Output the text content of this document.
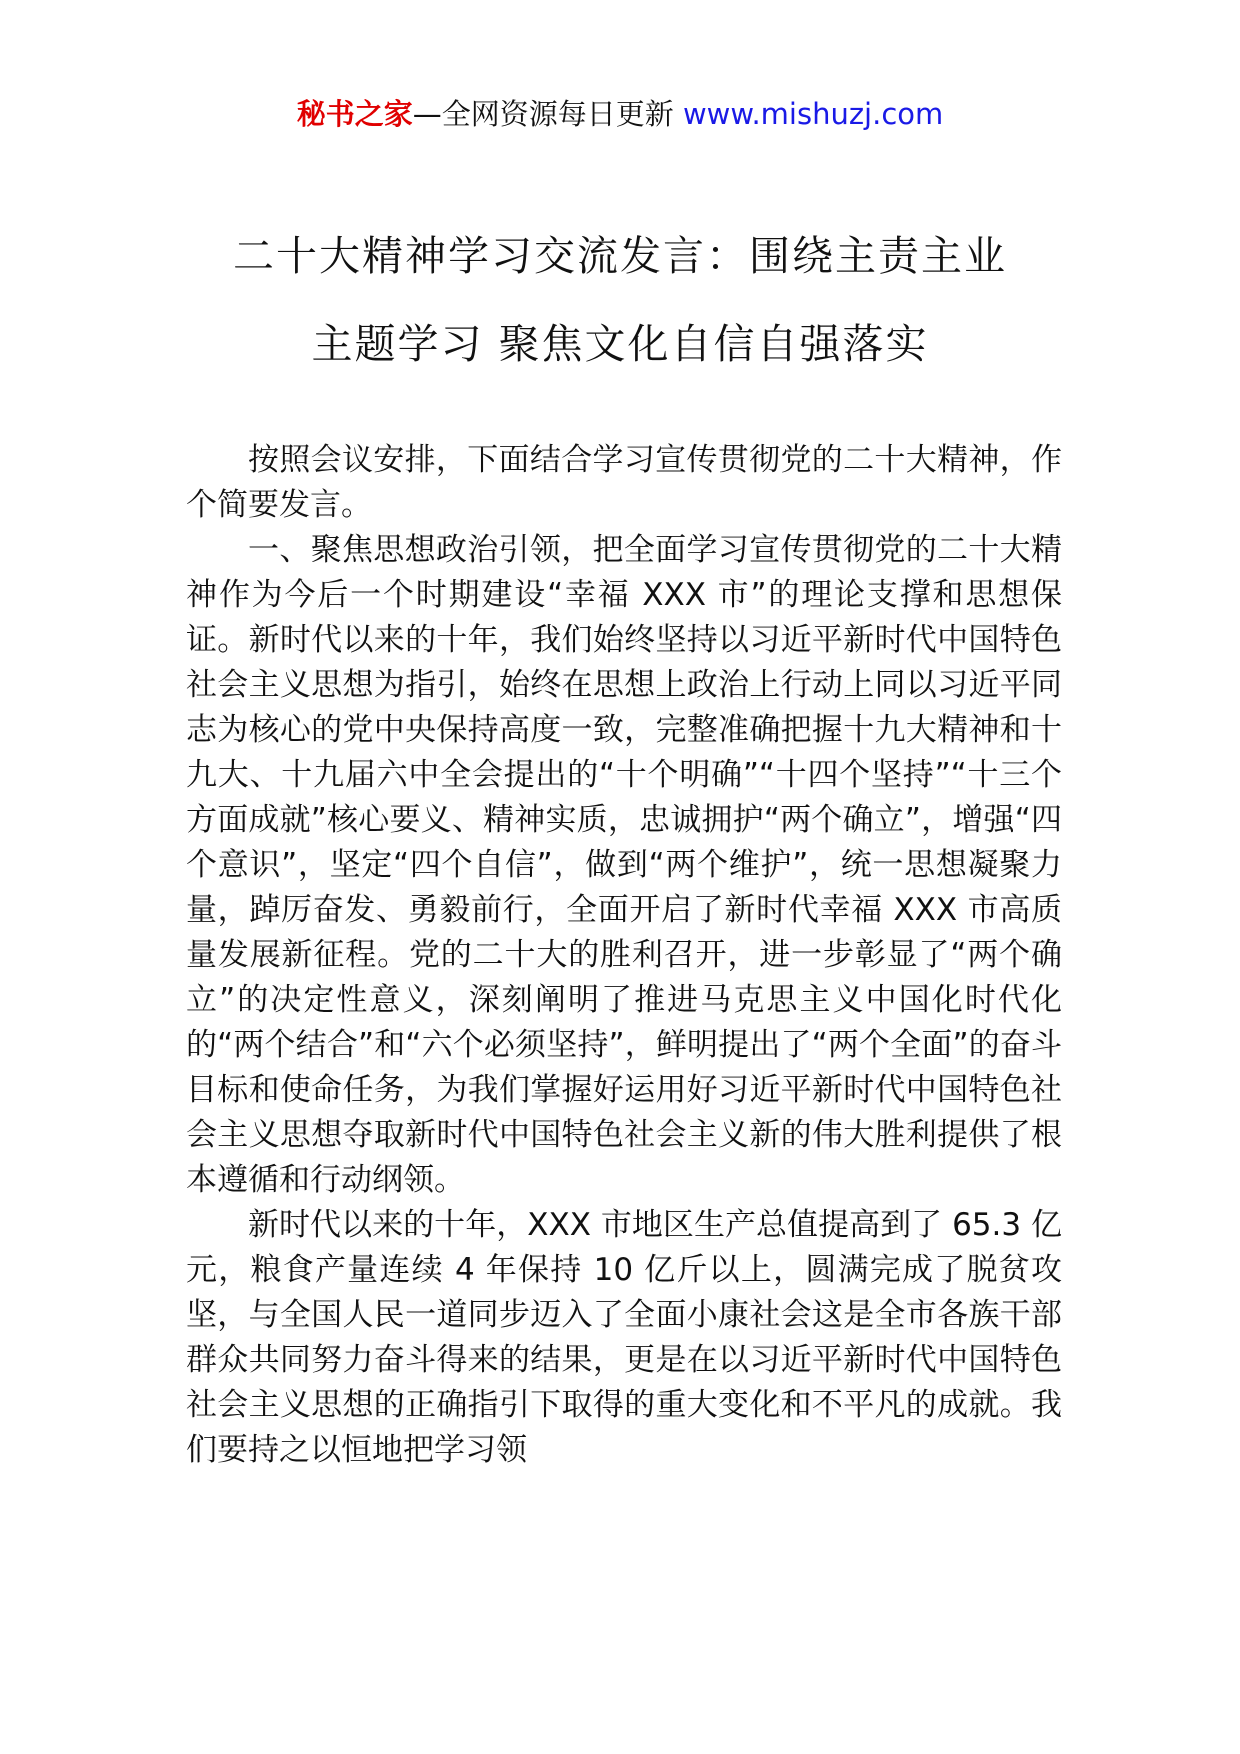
秘书之家—全网资源每日更新 www.mishuzj.com
二十大精神学习交流发言：围绕主责主业
主题学习 聚焦文化自信自强落实

按照会议安排，下面结合学习宣传贯彻党的二十大精神，作个简要发言。

一、聚焦思想政治引领，把全面学习宣传贯彻党的二十大精神作为今后一个时期建设“幸福 XXX 市”的理论支撑和思想保证。新时代以来的十年，我们始终坚持以习近平新时代中国特色社会主义思想为指引，始终在思想上政治上行动上同以习近平同志为核心的党中央保持高度一致，完整准确把握十九大精神和十九大、十九届六中全会提出的“十个明确”“十四个坚持”“十三个方面成就”核心要义、精神实质，忠诚拥护“两个确立”，增强“四个意识”，坚定“四个自信”，做到“两个维护”，统一思想凝聚力量，踔厉奋发、勇毅前行，全面开启了新时代幸福 XXX 市高质量发展新征程。党的二十大的胜利召开，进一步彰显了“两个确立”的决定性意义，深刻阐明了推进马克思主义中国化时代化的“两个结合”和“六个必须坚持”，鲜明提出了“两个全面”的奋斗目标和使命任务，为我们掌握好运用好习近平新时代中国特色社会主义思想夺取新时代中国特色社会主义新的伟大胜利提供了根本遵循和行动纲领。

新时代以来的十年，XXX 市地区生产总值提高到了 65.3 亿元，粮食产量连续 4 年保持 10 亿斤以上，圆满完成了脱贫攻坚，与全国人民一道同步迈入了全面小康社会这是全市各族干部群众共同努力奋斗得来的结果，更是在以习近平新时代中国特色社会主义思想的正确指引下取得的重大变化和不平凡的成就。我们要持之以恒地把学习领
